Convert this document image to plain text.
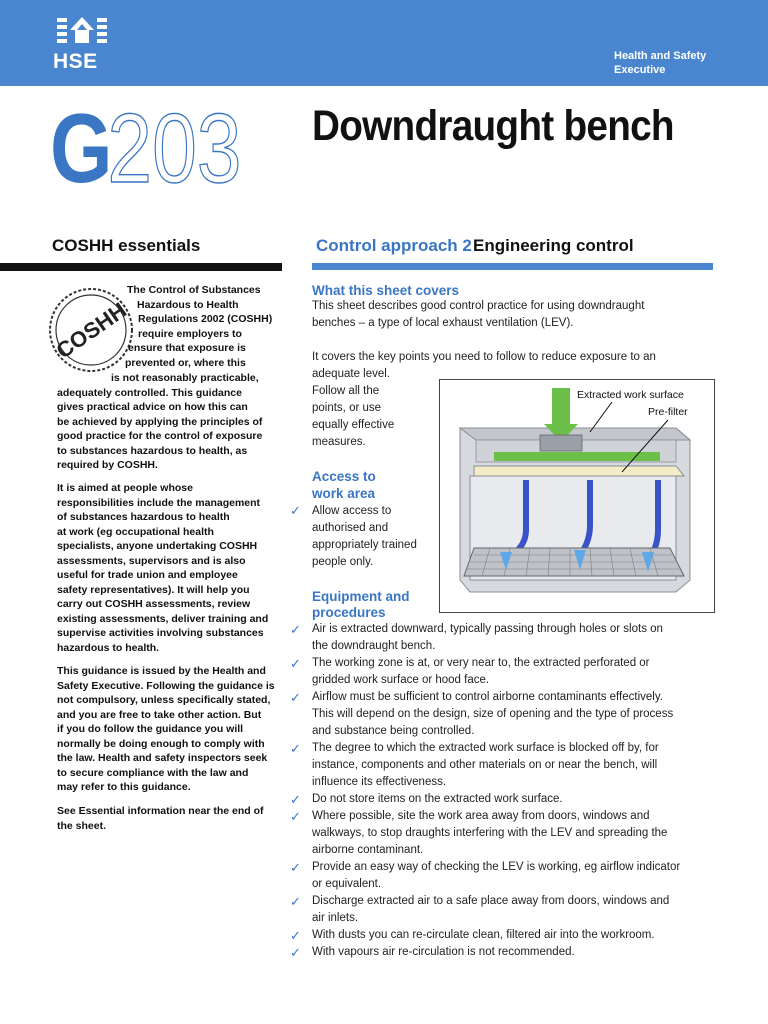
HSE	Health and Safety
Executive
G
203 Downdraught bench
COSHH essentials	Control approach 2 Engineering control
COSHH
The Control of Substances
Hazardous to Health
Regulations 2002 (COSHH)
require employers to
ensure that exposure is
prevented or, where this
is not reasonably practicable,
adequately controlled. This guidance
gives practical advice on how this can
be achieved by applying the principles of
good practice for the control of exposure
to substances hazardous to health, as
required by COSHH.
It is aimed at people whose
responsibilities include the management
of substances hazardous to health
at work (eg occupational health
specialists, anyone undertaking COSHH
assessments, supervisors and is also
useful for trade union and employee
safety representatives). It will help you
carry out COSHH assessments, review
existing assessments, deliver training and
supervise activities involving substances
hazardous to health.
This guidance is issued by the Health and
Safety Executive. Following the guidance is
not compulsory, unless specifically stated,
and you are free to take other action. But
if you do follow the guidance you will
normally be doing enough to comply with
the law. Health and safety inspectors seek
to secure compliance with the law and
may refer to this guidance.
See Essential information near the end of
the sheet.
What this sheet covers
This sheet describes good control practice for using downdraught
benches – a type of local exhaust ventilation (LEV).
It covers the key points you need to follow to reduce exposure to an
adequate level.
Follow all the
points, or use
equally effective
measures.
Access to
work area
✓ Allow access to
authorised and
appropriately trained
people only.
Extracted work surface
Pre-filter
Equipment and
procedures
✓ Air is extracted downward, typically passing through holes or slots on
the downdraught bench.
✓ The working zone is at, or very near to, the extracted perforated or
gridded work surface or hood face.
✓ Airflow must be sufficient to control airborne contaminants effectively.
This will depend on the design, size of opening and the type of process
and substance being controlled.
✓ The degree to which the extracted work surface is blocked off by, for
instance, components and other materials on or near the bench, will
influence its effectiveness.
✓ Do not store items on the extracted work surface.
✓ Where possible, site the work area away from doors, windows and
walkways, to stop draughts interfering with the LEV and spreading the
airborne contaminant.
✓ Provide an easy way of checking the LEV is working, eg airflow indicator
or equivalent.
✓ Discharge extracted air to a safe place away from doors, windows and
air inlets.
✓ With dusts you can re-circulate clean, filtered air into the workroom.
✓ With vapours air re-circulation is not recommended.
